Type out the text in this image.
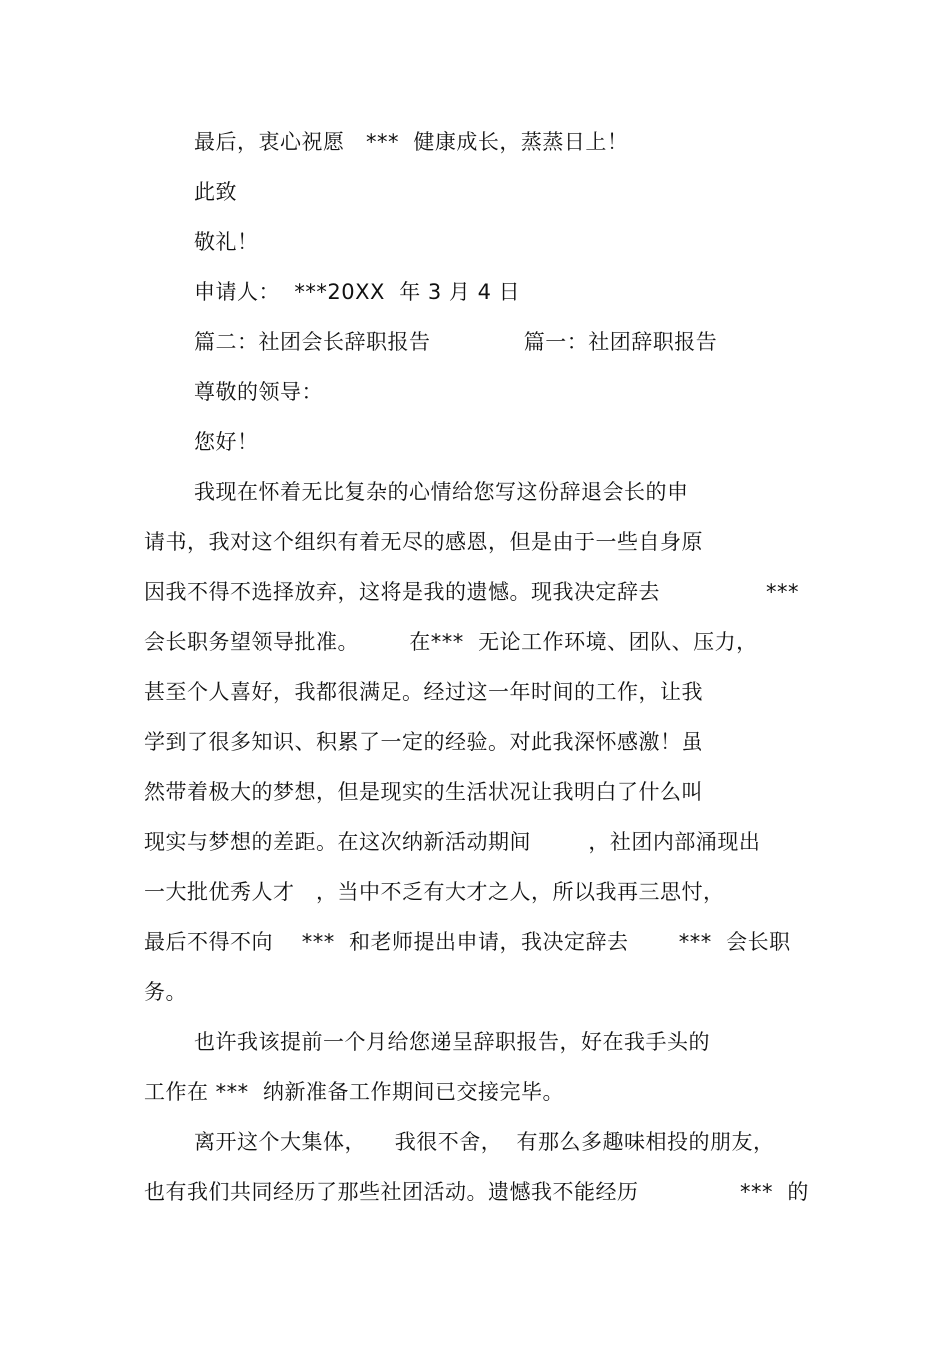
最后，衷心祝愿   ***  健康成长，蒸蒸日上！
此致
敬礼！
申请人：  ***20XX  年 3 月 4 日
篇二：社团会长辞职报告             篇一：社团辞职报告
尊敬的领导：
您好！
我现在怀着无比复杂的心情给您写这份辞退会长的申
请书，我对这个组织有着无尽的感恩，但是由于一些自身原
因我不得不选择放弃，这将是我的遗憾。现我决定辞去	***
会长职务望领导批准。       在***  无论工作环境、团队、压力，
甚至个人喜好，我都很满足。经过这一年时间的工作，让我
学到了很多知识、积累了一定的经验。对此我深怀感激！虽
然带着极大的梦想，但是现实的生活状况让我明白了什么叫
现实与梦想的差距。在这次纳新活动期间        ，社团内部涌现出
一大批优秀人才   ，当中不乏有大才之人，所以我再三思忖，
最后不得不向    ***  和老师提出申请，我决定辞去       ***  会长职
务。
也许我该提前一个月给您递呈辞职报告，好在我手头的
工作在 ***  纳新准备工作期间已交接完毕。
离开这个大集体，    我很不舍，  有那么多趣味相投的朋友，
也有我们共同经历了那些社团活动。遗憾我不能经历	***  的
